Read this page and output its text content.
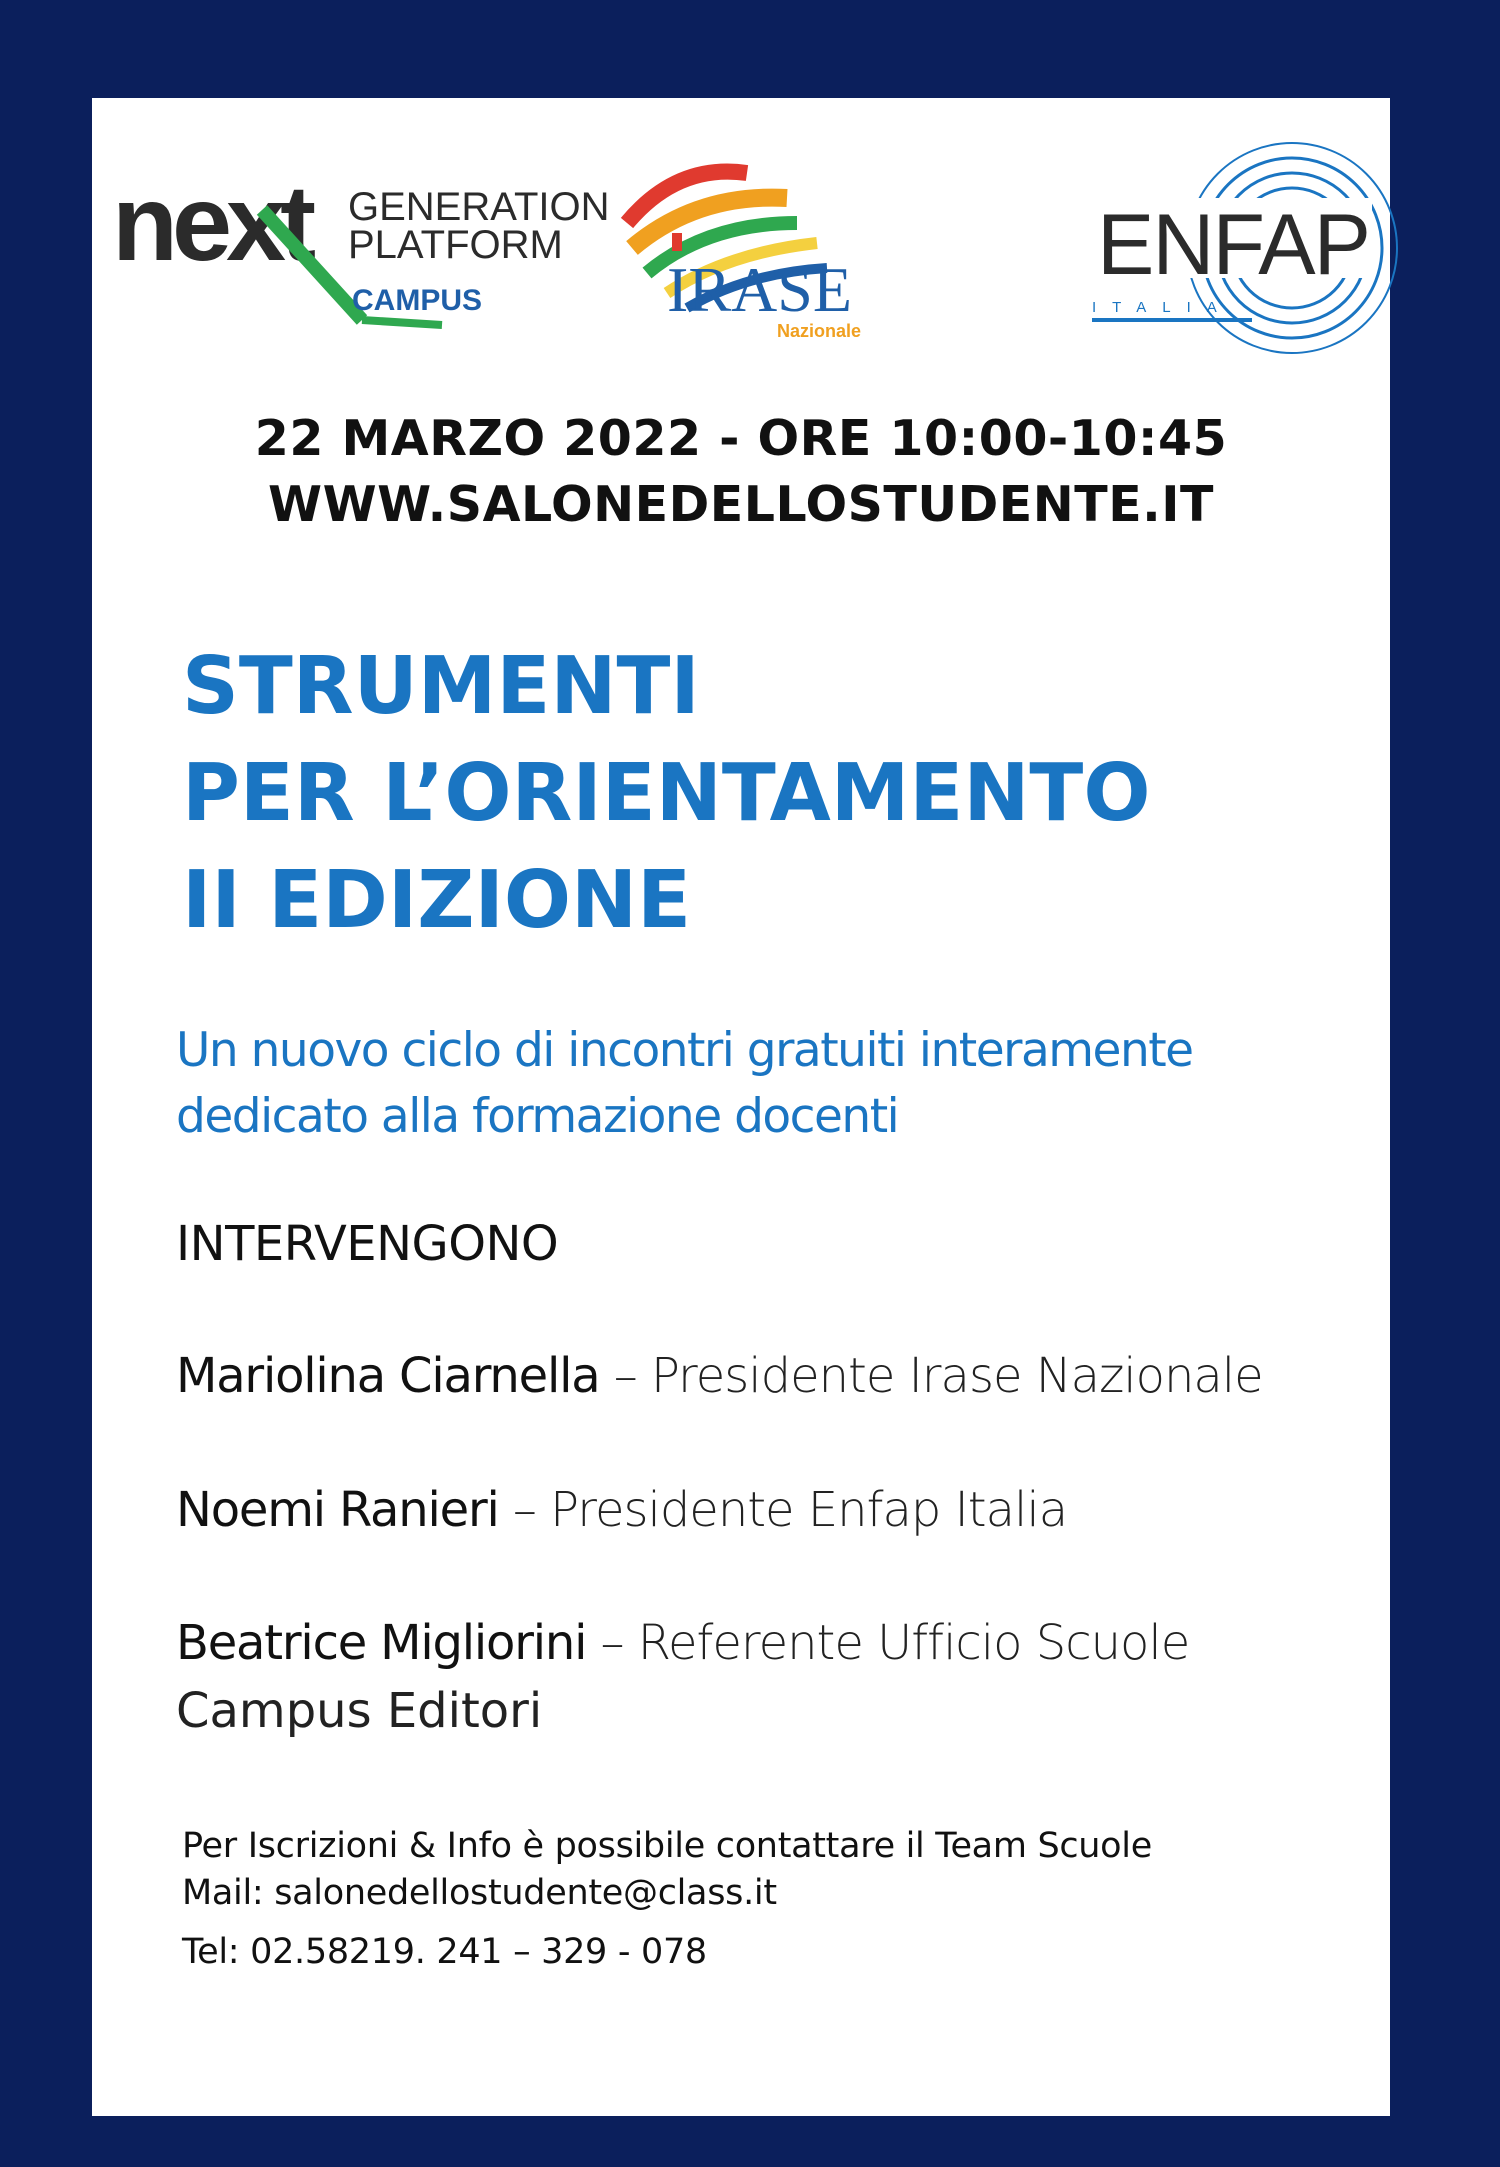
next GENERATION
PLATFORM
CAMPUS	IRASE
Nazionale
ENFAP
ITALIA
22 MARZO 2022 - ORE 10:00-10:45
WWW.SALONEDELLOSTUDENTE.IT
STRUMENTI
PER L’ORIENTAMENTO
II EDIZIONE
Un nuovo ciclo di incontri gratuiti interamente
dedicato alla formazione docenti
INTERVENGONO
Mariolina Ciarnella – Presidente Irase Nazionale
Noemi Ranieri – Presidente Enfap Italia
Beatrice Migliorini – Referente Ufficio Scuole
Campus Editori
Per Iscrizioni & Info è possibile contattare il Team Scuole
Mail: salonedellostudente@class.it
Tel: 02.58219. 241 – 329 - 078
